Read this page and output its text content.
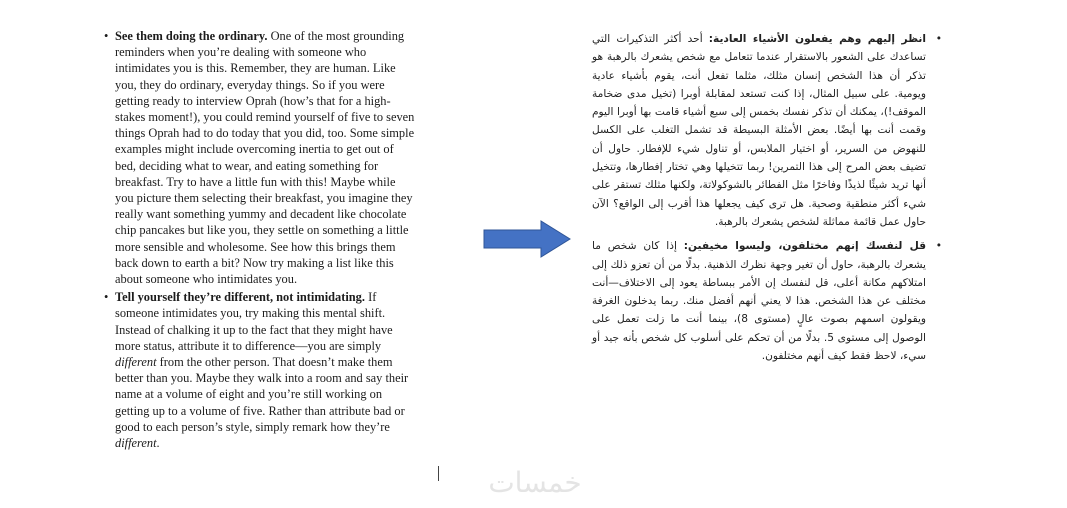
• See them doing the ordinary. One of the most grounding reminders when you’re dealing with someone who intimidates you is this. Remember, they are human. Like you, they do ordinary, everyday things. So if you were getting ready to interview Oprah (how’s that for a high-stakes moment!), you could remind yourself of five to seven things Oprah had to do today that you did, too. Some simple examples might include overcoming inertia to get out of bed, deciding what to wear, and eating something for breakfast. Try to have a little fun with this! Maybe while you picture them selecting their breakfast, you imagine they really want something yummy and decadent like chocolate chip pancakes but like you, they settle on something a little more sensible and wholesome. See how this brings them back down to earth a bit? Now try making a list like this about someone who intimidates you.
• Tell yourself they’re different, not intimidating. If someone intimidates you, try making this mental shift. Instead of chalking it up to the fact that they might have more status, attribute it to difference—you are simply different from the other person. That doesn’t make them better than you. Maybe they walk into a room and say their name at a volume of eight and you’re still working on getting up to a volume of five. Rather than attribute bad or good to each person’s style, simply remark how they’re different.
•
انظر إليهم وهم يفعلون الأشياء العادية: أحد أكثر التذكيرات التي تساعدك على الشعور بالاستقرار عندما تتعامل مع شخص يشعرك بالرهبة هو تذكر أن هذا الشخص إنسان مثلك، مثلما تفعل أنت، يقوم بأشياء عادية ويومية. على سبيل المثال، إذا كنت تستعد لمقابلة أوبرا (تخيل مدى ضخامة الموقف!)، يمكنك أن تذكر نفسك بخمس إلى سبع أشياء قامت بها أوبرا اليوم وقمت أنت بها أيضًا. بعض الأمثلة البسيطة قد تشمل التغلب على الكسل للنهوض من السرير، أو اختيار الملابس، أو تناول شيء للإفطار. حاول أن تضيف بعض المرح إلى هذا التمرين! ربما تتخيلها وهي تختار إفطارها، وتتخيل أنها تريد شيئًا لذيذًا وفاخرًا مثل الفطائر بالشوكولاتة، ولكنها مثلك تستقر على شيء أكثر منطقية وصحية. هل ترى كيف يجعلها هذا أقرب إلى الواقع؟ الآن حاول عمل قائمة مماثلة لشخص يشعرك بالرهبة.
•
قل لنفسك إنهم مختلفون، وليسوا مخيفين: إذا كان شخص ما يشعرك بالرهبة، حاول أن تغير وجهة نظرك الذهنية. بدلًا من أن تعزو ذلك إلى امتلاكهم مكانة أعلى، قل لنفسك إن الأمر ببساطة يعود إلى الاختلاف—أنت مختلف عن هذا الشخص. هذا لا يعني أنهم أفضل منك. ربما يدخلون الغرفة ويقولون اسمهم بصوت عالٍ (مستوى 8)، بينما أنت ما زلت تعمل على الوصول إلى مستوى 5. بدلًا من أن تحكم على أسلوب كل شخص بأنه جيد أو سيء، لاحظ فقط كيف أنهم مختلفون.
خمسات
